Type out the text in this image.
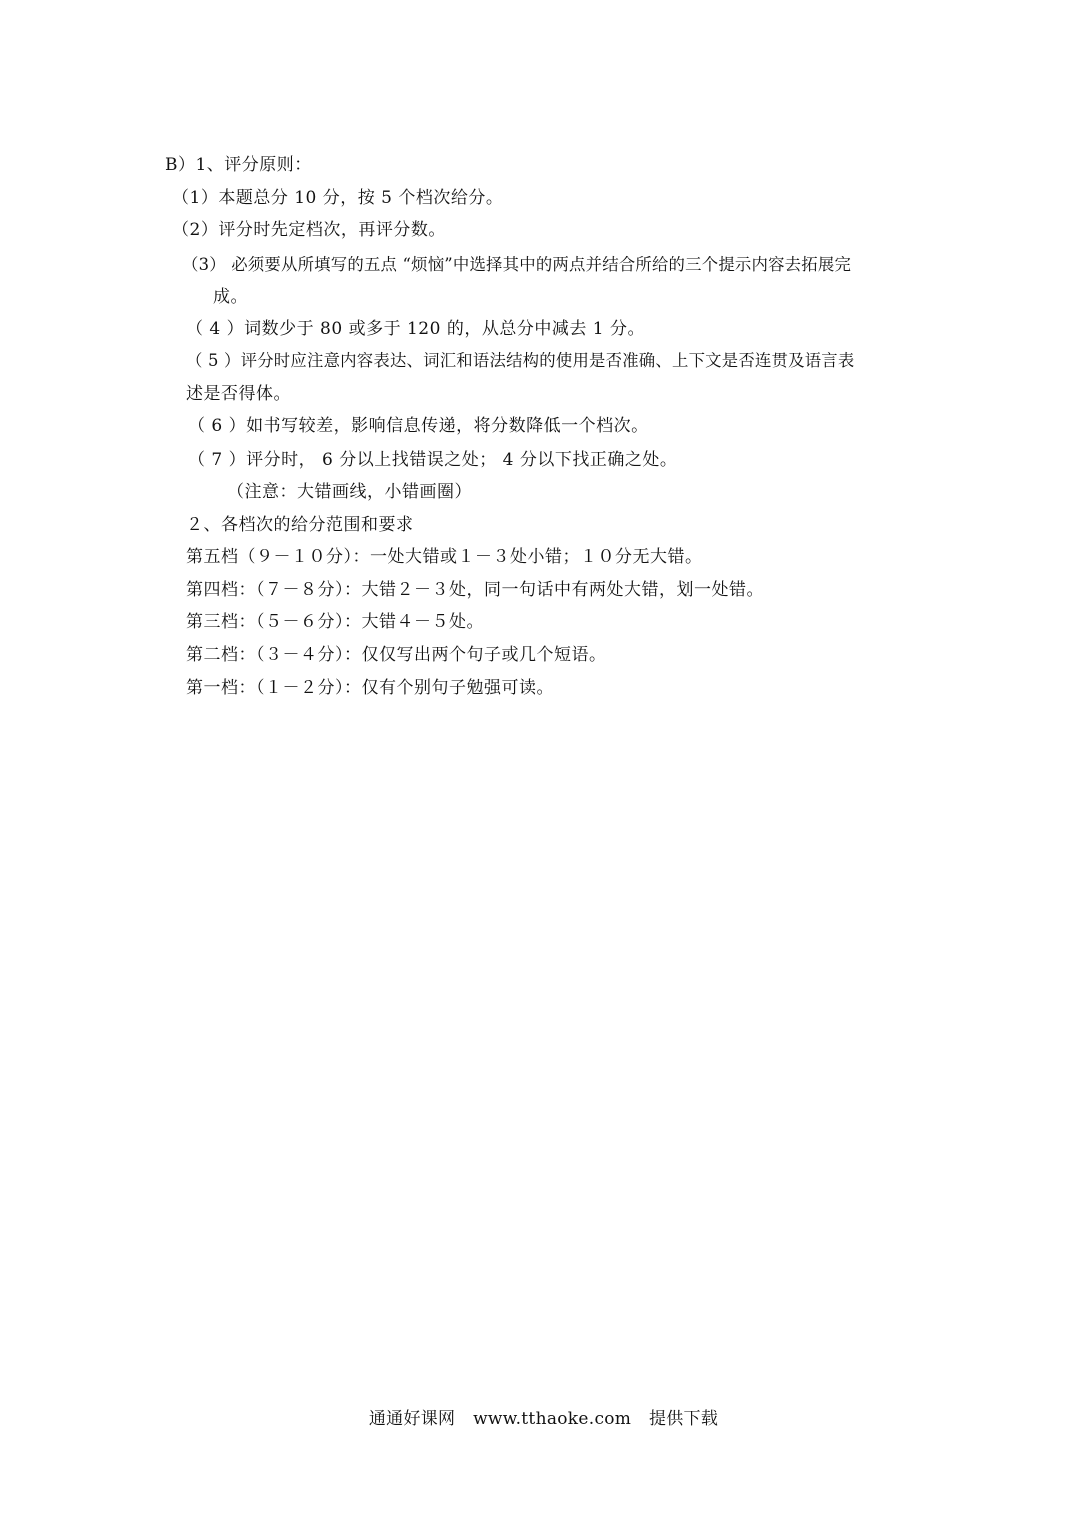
B）1、评分原则：
（1）本题总分 10 分，按 5 个档次给分。
（2）评分时先定档次，再评分数。
（3） 必须要从所填写的五点 “烦恼”中选择其中的两点并结合所给的三个提示内容去拓展完
成。
（ 4 ）词数少于 80 或多于 120 的，从总分中减去 1 分。
（ 5 ）评分时应注意内容表达、词汇和语法结构的使用是否准确、上下文是否连贯及语言表
述是否得体。
（ 6 ）如书写较差，影响信息传递，将分数降低一个档次。
（ 7 ）评分时， 6 分以上找错误之处； 4 分以下找正确之处。
（注意：大错画线，小错画圈）
２、各档次的给分范围和要求
第五档（９－１０分）：一处大错或１－３处小错；１０分无大错。
第四档：（７－８分）：大错２－３处，同一句话中有两处大错，划一处错。
第三档：（５－６分）：大错４－５处。
第二档：（３－４分）：仅仅写出两个句子或几个短语。
第一档：（１－２分）：仅有个别句子勉强可读。
通通好课网 www.tthaoke.com 提供下载
